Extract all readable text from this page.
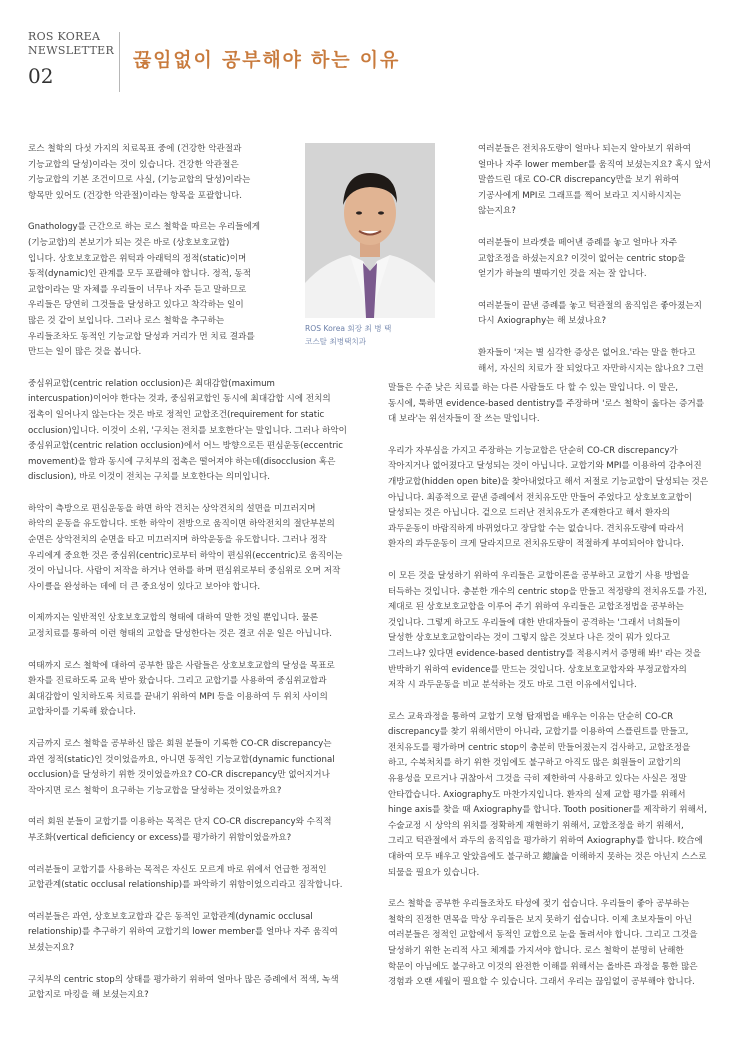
ROS KOREA
NEWSLETTER
02
끊임없이 공부해야 하는 이유

로스 철학의 다섯 가지의 치료목표 중에 (건강한 악관절과
기능교합의 달성)이라는 것이 있습니다. 건강한 악관절은
기능교합의 기본 조건이므로 사실, (기능교합의 달성)이라는
항목만 있어도 (건강한 악관절)이라는 항목을 포괄합니다.

Gnathology를 근간으로 하는 로스 철학을 따르는 우리들에게
(기능교합)의 본보기가 되는 것은 바로 (상호보호교합)
입니다. 상호보호교합은 위턱과 아래턱의 정적(static)이며
동적(dynamic)인 관계를 모두 포괄해야 합니다. 정적, 동적
교합이라는 말 자체를 우리들이 너무나 자주 듣고 말하므로
우리들은 당연히 그것들을 달성하고 있다고 착각하는 일이
많은 것 같이 보입니다. 그러나 로스 철학을 추구하는
우리들조차도 동적인 기능교합 달성과 거리가 먼 치료 결과를
만드는 일이 많은 것을 봅니다.

중심위교합(centric relation occlusion)은 최대감합(maximum
intercuspation)이어야 한다는 것과, 중심위교합인 동시에 최대감합 시에 전치의
접촉이 일어나지 않는다는 것은 바로 정적인 교합조건(requirement for static
occlusion)입니다. 이것이 소위, '구치는 전치를 보호한다'는 말입니다. 그러나 하악이
중심위교합(centric relation occlusion)에서 어느 방향으로든 편심운동(eccentric
movement)을 함과 동시에 구치부의 접촉은 떨어져야 하는데(disocclusion 혹은
disclusion), 바로 이것이 전치는 구치를 보호한다는 의미입니다.

하악이 측방으로 편심운동을 하면 하악 견치는 상악견치의 설면을 미끄러지며
하악의 운동을 유도합니다. 또한 하악이 전방으로 움직이면 하악전치의 절단부분의
순면은 상악전치의 순면을 타고 미끄러지며 하악운동을 유도합니다. 그러나 정작
우리에게 중요한 것은 중심위(centric)로부터 하악이 편심위(eccentric)로 움직이는
것이 아닙니다. 사람이 저작을 하거나 연하를 하며 편심위로부터 중심위로 오며 저작
사이클을 완성하는 데에 더 큰 중요성이 있다고 보아야 합니다.

이제까지는 일반적인 상호보호교합의 형태에 대하여 말한 것일 뿐입니다. 물론
교정치료를 통하여 이런 형태의 교합을 달성한다는 것은 결코 쉬운 일은 아닙니다.

여태까지 로스 철학에 대하여 공부한 많은 사람들은 상호보호교합의 달성을 목표로
환자를 진료하도록 교육 받아 왔습니다. 그리고 교합기를 사용하여 중심위교합과
최대감합이 일치하도록 치료를 끝내기 위하여 MPI 등을 이용하여 두 위치 사이의
교합차이를 기록해 왔습니다.

지금까지 로스 철학을 공부하신 많은 회원 분들이 기록한 CO-CR discrepancy는
과연 정적(static)인 것이었을까요, 아니면 동적인 기능교합(dynamic functional
occlusion)을 달성하기 위한 것이었을까요? CO-CR discrepancy만 없어지거나
작아지면 로스 철학이 요구하는 기능교합을 달성하는 것이었을까요?

여러 회원 분들이 교합기를 이용하는 목적은 단지 CO-CR discrepancy와 수직적
부조화(vertical deficiency or excess)를 평가하기 위함이었을까요?

여러분들이 교합기를 사용하는 목적은 자신도 모르게 바로 위에서 언급한 정적인
교합관계(static occlusal relationship)를 파악하기 위함이었으리라고 짐작합니다.

여러분들은 과연, 상호보호교합과 같은 동적인 교합관계(dynamic occlusal
relationship)를 추구하기 위하여 교합기의 lower member를 얼마나 자주 움직여
보셨는지요?

구치부의 centric stop의 상태를 평가하기 위하여 얼마나 많은 증례에서 적색, 녹색
교합지로 마킹을 해 보셨는지요?

ROS Korea 회장 최 병 택
코스탈 최병택치과

여러분들은 전치유도량이 얼마나 되는지 알아보기 위하여
얼마나 자주 lower member를 움직여 보셨는지요? 혹시 앞서
말씀드린 대로 CO-CR discrepancy만을 보기 위하여
기공사에게 MPI로 그래프를 찍어 보라고 지시하시지는
않는지요?

여러분들이 브라켓을 떼어낸 증례를 놓고 얼마나 자주
교합조정을 하셨는지요? 이것이 없어는 centric stop을
얻기가 하늘의 별따기인 것을 저는 잘 압니다.

여러분들이 끝낸 증례를 놓고 턱관절의 움직임은 좋아졌는지
다시 Axiography는 해 보셨나요?

환자들이 '저는 별 심각한 증상은 없어요.'라는 말을 한다고
해서, 자신의 치료가 잘 되었다고 자만하시지는 않나요? 그런

말들은 수준 낮은 치료를 하는 다른 사람들도 다 할 수 있는 말입니다. 이 말은,
동시에, 툭하면 evidence-based dentistry를 주장하며 '로스 철학이 옳다는 증거를
대 보라'는 위선자들이 잘 쓰는 말입니다.

우리가 자부심을 가지고 주장하는 기능교합은 단순히 CO-CR discrepancy가
작아지거나 없어졌다고 달성되는 것이 아닙니다. 교합기와 MPI를 이용하여 감추어진
개방교합(hidden open bite)을 찾아내었다고 해서 저절로 기능교합이 달성되는 것은
아닙니다. 최종적으로 끝낸 증례에서 전치유도만 만들어 주었다고 상호보호교합이
달성되는 것은 아닙니다. 겉으로 드러난 전치유도가 존재한다고 해서 환자의
과두운동이 바람직하게 바뀌었다고 장담할 수는 없습니다. 견치유도량에 따라서
환자의 과두운동이 크게 달라지므로 전치유도량이 적절하게 부여되어야 합니다.

이 모든 것을 달성하기 위하여 우리들은 교합이론을 공부하고 교합기 사용 방법을
터득하는 것입니다. 충분한 개수의 centric stop을 만들고 적정량의 전치유도를 가진,
제대로 된 상호보호교합을 이루어 주기 위하여 우리들은 교합조정법을 공부하는
것입니다. 그렇게 하고도 우리들에 대한 반대자들이 공격하는 '그래서 너희들이
달성한 상호보호교합이라는 것이 그렇지 않은 것보다 나은 것이 뭐가 있다고
그러느냐? 있다면 evidence-based dentistry를 적용시켜서 증명해 봐!' 라는 것을
반박하기 위하여 evidence를 만드는 것입니다. 상호보호교합자와 부정교합자의
저작 시 과두운동을 비교 분석하는 것도 바로 그런 이유에서입니다.

로스 교육과정을 통하여 교합기 모형 탑재법을 배우는 이유는 단순히 CO-CR
discrepancy를 찾기 위해서만이 아니라, 교합기를 이용하여 스플린트를 만들고,
전치유도를 평가하며 centric stop이 충분히 만들어졌는지 검사하고, 교합조정을
하고, 수복처치를 하기 위한 것임에도 불구하고 아직도 많은 회원들이 교합기의
유용성을 모르거나 귀찮아서 그것을 극히 제한하여 사용하고 있다는 사실은 정말
안타깝습니다. Axiography도 마찬가지입니다. 환자의 실제 교합 평가를 위해서
hinge axis를 찾을 때 Axiography를 합니다. Tooth positioner를 제작하기 위해서,
수술교정 시 상악의 위치를 정확하게 재현하기 위해서, 교합조정을 하기 위해서,
그리고 턱관절에서 과두의 움직임을 평가하기 위하여 Axiography를 합니다. 咬合에
대하여 모두 배우고 알았음에도 불구하고 總論을 이해하지 못하는 것은 아닌지 스스로
되물을 필요가 있습니다.

로스 철학을 공부한 우리들조차도 타성에 젖기 쉽습니다. 우리들이 좋아 공부하는
철학의 진정한 면목을 막상 우리들은 보지 못하기 쉽습니다. 이제 초보자들이 아닌
여러분들은 정적인 교합에서 동적인 교합으로 눈을 돌려서야 합니다. 그리고 그것을
달성하기 위한 논리적 사고 체계를 가지셔야 합니다. 로스 철학이 분명히 난해한
학문이 아님에도 불구하고 이것의 완전한 이해를 위해서는 올바른 과정을 통한 많은
경험과 오랜 세월이 필요할 수 있습니다. 그래서 우리는 끊임없이 공부해야 합니다.
